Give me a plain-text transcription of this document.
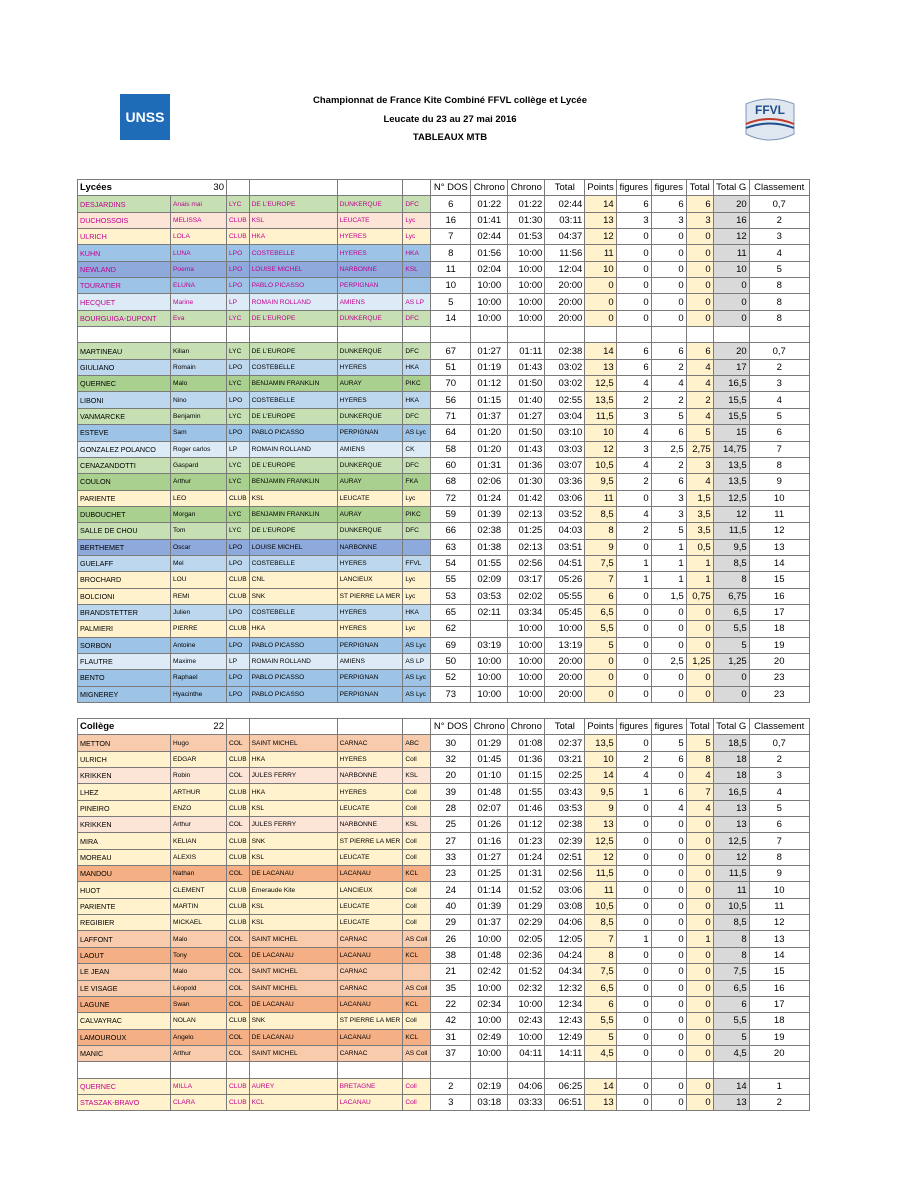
UNSS	FFVL
Championnat de France Kite Combiné FFVL collège et Lycée
Leucate du 23 au 27 mai 2016
TABLEAUX MTB
Lycées 30						N° DOS	Chrono	Chrono	Total	Points	figures	figures	Total	Total G	Classement
DESJARDINS	Anais mai	LYC	DE L'EUROPE	DUNKERQUE	DFC	6	01:22	01:22	02:44	14	6	6	6	20	0,7
DUCHOSSOIS	MELISSA	CLUB	KSL	LEUCATE	Lyc	16	01:41	01:30	03:11	13	3	3	3	16	2
ULRICH	LOLA	CLUB	HKA	HYERES	Lyc	7	02:44	01:53	04:37	12	0	0	0	12	3
KUHN	LUNA	LPO	COSTEBELLE	HYERES	HKA	8	01:56	10:00	11:56	11	0	0	0	11	4
NEWLAND	Poema	LPO	LOUISE MICHEL	NARBONNE	KSL	11	02:04	10:00	12:04	10	0	0	0	10	5
TOURATIER	ELUNA	LPO	PABLO PICASSO	PERPIGNAN		10	10:00	10:00	20:00	0	0	0	0	0	8
HECQUET	Marine	LP	ROMAIN ROLLAND	AMIENS	AS LP	5	10:00	10:00	20:00	0	0	0	0	0	8
BOURGUIGA-DUPONT	Eva	LYC	DE L'EUROPE	DUNKERQUE	DFC	14	10:00	10:00	20:00	0	0	0	0	0	8

MARTINEAU	Kilian	LYC	DE L'EUROPE	DUNKERQUE	DFC	67	01:27	01:11	02:38	14	6	6	6	20	0,7
GIULIANO	Romain	LPO	COSTEBELLE	HYERES	HKA	51	01:19	01:43	03:02	13	6	2	4	17	2
QUERNEC	Malo	LYC	BENJAMIN FRANKLIN	AURAY	PIKC	70	01:12	01:50	03:02	12,5	4	4	4	16,5	3
LIBONI	Nino	LPO	COSTEBELLE	HYERES	HKA	56	01:15	01:40	02:55	13,5	2	2	2	15,5	4
VANMARCKE	Benjamin	LYC	DE L'EUROPE	DUNKERQUE	DFC	71	01:37	01:27	03:04	11,5	3	5	4	15,5	5
ESTEVE	Sam	LPO	PABLO PICASSO	PERPIGNAN	AS Lyc	64	01:20	01:50	03:10	10	4	6	5	15	6
GONZALEZ POLANCO	Roger carlos	LP	ROMAIN ROLLAND	AMIENS	CK	58	01:20	01:43	03:03	12	3	2,5	2,75	14,75	7
CENAZANDOTTI	Gaspard	LYC	DE L'EUROPE	DUNKERQUE	DFC	60	01:31	01:36	03:07	10,5	4	2	3	13,5	8
COULON	Arthur	LYC	BENJAMIN FRANKLIN	AURAY	FKA	68	02:06	01:30	03:36	9,5	2	6	4	13,5	9
PARIENTE	LEO	CLUB	KSL	LEUCATE	Lyc	72	01:24	01:42	03:06	11	0	3	1,5	12,5	10
DUBOUCHET	Morgan	LYC	BENJAMIN FRANKLIN	AURAY	PIKC	59	01:39	02:13	03:52	8,5	4	3	3,5	12	11
SALLE DE CHOU	Tom	LYC	DE L'EUROPE	DUNKERQUE	DFC	66	02:38	01:25	04:03	8	2	5	3,5	11,5	12
BERTHEMET	Oscar	LPO	LOUISE MICHEL	NARBONNE		63	01:38	02:13	03:51	9	0	1	0,5	9,5	13
GUELAFF	Mel	LPO	COSTEBELLE	HYERES	FFVL	54	01:55	02:56	04:51	7,5	1	1	1	8,5	14
BROCHARD	LOU	CLUB	CNL	LANCIEUX	Lyc	55	02:09	03:17	05:26	7	1	1	1	8	15
BOLCIONI	REMI	CLUB	SNK	ST PIERRE LA MER	Lyc	53	03:53	02:02	05:55	6	0	1,5	0,75	6,75	16
BRANDSTETTER	Julien	LPO	COSTEBELLE	HYERES	HKA	65	02:11	03:34	05:45	6,5	0	0	0	6,5	17
PALMIERI	PIERRE	CLUB	HKA	HYERES	Lyc	62		10:00	10:00	5,5	0	0	0	5,5	18
SORBON	Antoine	LPO	PABLO PICASSO	PERPIGNAN	AS Lyc	69	03:19	10:00	13:19	5	0	0	0	5	19
FLAUTRE	Maxime	LP	ROMAIN ROLLAND	AMIENS	AS LP	50	10:00	10:00	20:00	0	0	2,5	1,25	1,25	20
BENTO	Raphael	LPO	PABLO PICASSO	PERPIGNAN	AS Lyc	52	10:00	10:00	20:00	0	0	0	0	0	23
MIGNEREY	Hyacinthe	LPO	PABLO PICASSO	PERPIGNAN	AS Lyc	73	10:00	10:00	20:00	0	0	0	0	0	23
Collège 22						N° DOS	Chrono	Chrono	Total	Points	figures	figures	Total	Total G	Classement
METTON	Hugo	COL	SAINT MICHEL	CARNAC	ABC	30	01:29	01:08	02:37	13,5	0	5	5	18,5	0,7
ULRICH	EDGAR	CLUB	HKA	HYERES	Coll	32	01:45	01:36	03:21	10	2	6	8	18	2
KRIKKEN	Robin	COL	JULES FERRY	NARBONNE	KSL	20	01:10	01:15	02:25	14	4	0	4	18	3
LHEZ	ARTHUR	CLUB	HKA	HYERES	Coll	39	01:48	01:55	03:43	9,5	1	6	7	16,5	4
PINEIRO	ENZO	CLUB	KSL	LEUCATE	Coll	28	02:07	01:46	03:53	9	0	4	4	13	5
KRIKKEN	Arthur	COL	JULES FERRY	NARBONNE	KSL	25	01:26	01:12	02:38	13	0	0	0	13	6
MIRA	KELIAN	CLUB	SNK	ST PIERRE LA MER	Coll	27	01:16	01:23	02:39	12,5	0	0	0	12,5	7
MOREAU	ALEXIS	CLUB	KSL	LEUCATE	Coll	33	01:27	01:24	02:51	12	0	0	0	12	8
MANDOU	Nathan	COL	DE LACANAU	LACANAU	KCL	23	01:25	01:31	02:56	11,5	0	0	0	11,5	9
HUOT	CLEMENT	CLUB	Emeraude Kite	LANCIEUX	Coll	24	01:14	01:52	03:06	11	0	0	0	11	10
PARIENTE	MARTIN	CLUB	KSL	LEUCATE	Coll	40	01:39	01:29	03:08	10,5	0	0	0	10,5	11
REGIBIER	MICKAEL	CLUB	KSL	LEUCATE	Coll	29	01:37	02:29	04:06	8,5	0	0	0	8,5	12
LAFFONT	Malo	COL	SAINT MICHEL	CARNAC	AS Coll	26	10:00	02:05	12:05	7	1	0	1	8	13
LAOUT	Tony	COL	DE LACANAU	LACANAU	KCL	38	01:48	02:36	04:24	8	0	0	0	8	14
LE JEAN	Malo	COL	SAINT MICHEL	CARNAC		21	02:42	01:52	04:34	7,5	0	0	0	7,5	15
LE VISAGE	Léopold	COL	SAINT MICHEL	CARNAC	AS Coll	35	10:00	02:32	12:32	6,5	0	0	0	6,5	16
LAGUNE	Swan	COL	DE LACANAU	LACANAU	KCL	22	02:34	10:00	12:34	6	0	0	0	6	17
CALVAYRAC	NOLAN	CLUB	SNK	ST PIERRE LA MER	Coll	42	10:00	02:43	12:43	5,5	0	0	0	5,5	18
LAMOUROUX	Angelo	COL	DE LACANAU	LACANAU	KCL	31	02:49	10:00	12:49	5	0	0	0	5	19
MANIC	Arthur	COL	SAINT MICHEL	CARNAC	AS Coll	37	10:00	04:11	14:11	4,5	0	0	0	4,5	20

QUERNEC	MILLA	CLUB	AUREY	BRETAGNE	Coll	2	02:19	04:06	06:25	14	0	0	0	14	1
STASZAK-BRAVO	CLARA	CLUB	KCL	LACANAU	Coll	3	03:18	03:33	06:51	13	0	0	0	13	2
